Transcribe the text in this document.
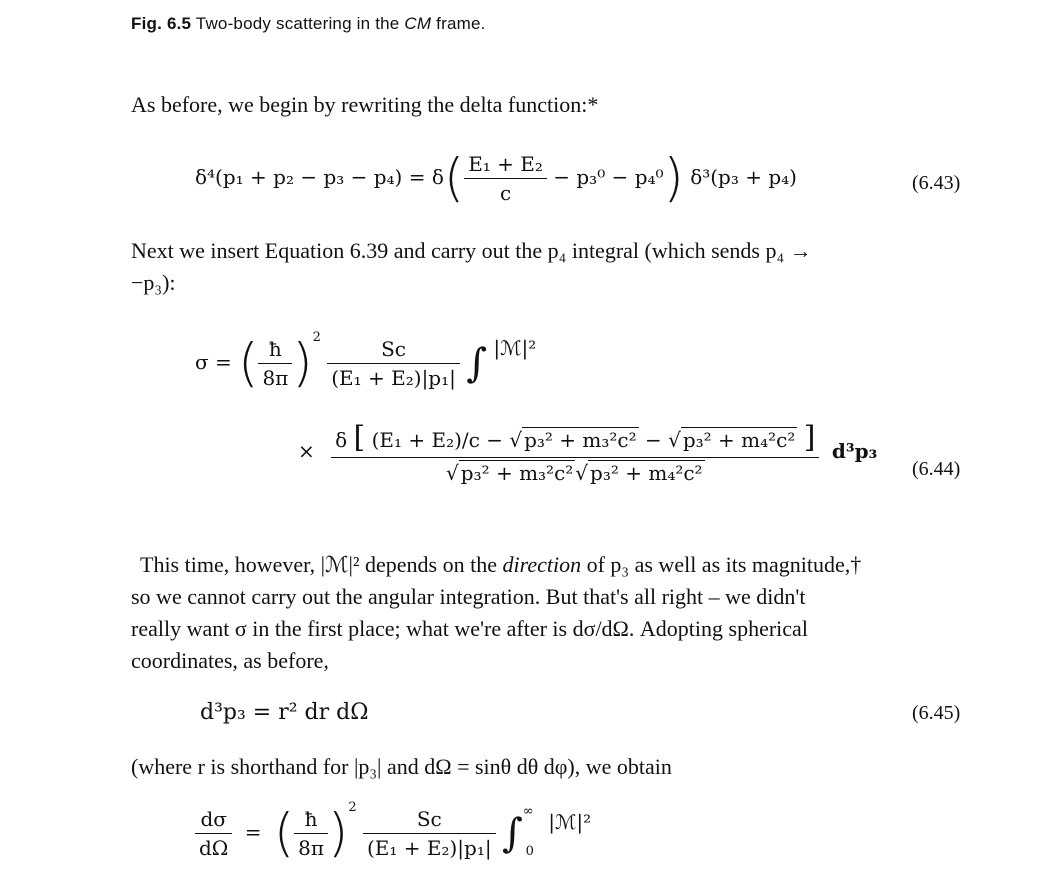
Fig. 6.5 Two-body scattering in the CM frame.
As before, we begin by rewriting the delta function:*
$\delta^4(p_1 + p_2 - p_3 - p_4) = \delta( \frac{\text{E₁ + E₂}}{c} - p_3^0 - p_4^0)$ δ³(p₃ + p₄)	(6.43)
Next we insert Equation 6.39 and carry out the p₄ integral (which sends p₄ →
−p₃):
σ = ( $\frac{ħ}{8\pi} )^2 \frac{Sc}{\text{(E₁ + E₂)|p₁|}}$ ∫ |ℳ|²
× δ [ (E₁ + E₂)/c − √ p₃² + m₃²c² − √ p₃² + m₄²c² ]
√ p₃² + m₃²c² √ p₃² + m₄²c²
d³p₃
(6.44)
This time, however, |ℳ|² depends on the direction of p₃ as well as its magnitude,†
so we cannot carry out the angular integration. But that's all right – we didn't
really want σ in the first place; what we're after is dσ/dΩ. Adopting spherical
coordinates, as before,
d³p₃ = r² dr dΩ	(6.45)
(where r is shorthand for |p₃| and dΩ = sinθ dθ dφ), we obtain
$\frac{d\sigma}{d\Omega}$ = ( $\frac{ħ}{8\pi} )^2 \frac{Sc}{\text{(E₁ + E₂)|p₁|}} \int^\infty_0$ |ℳ|²
